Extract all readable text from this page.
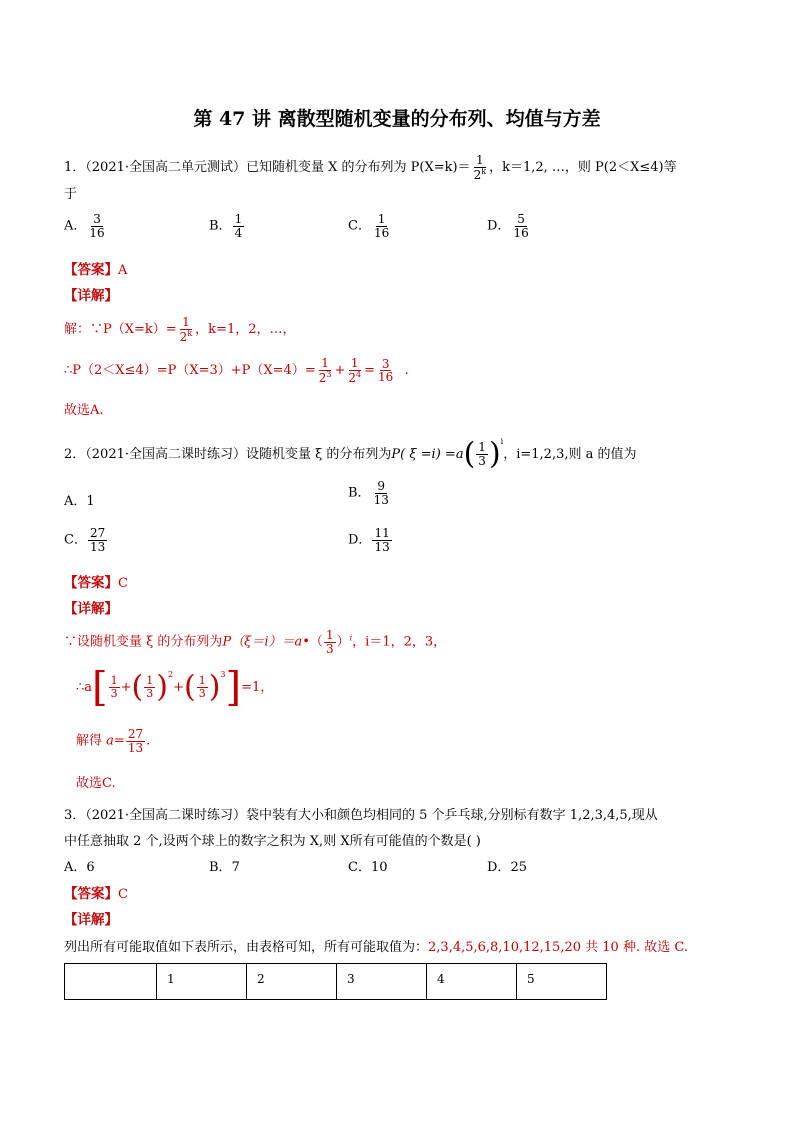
第 47 讲 离散型随机变量的分布列、均值与方差
1．（2021·全国高二单元测试）已知随机变量 X 的分布列为 $P(X=k)= \frac{1}{2^k}$ ，k＝1,2, …，则 P(2＜X≤4)等
于
A． $\frac{3}{16}$	B． $\frac{1}{4}$	C． $\frac{1}{16}$	D． $\frac{5}{16}$
【答案】A
【详解】
解：∵P（X=k）= $\frac{1}{2^k}$ ，k=1，2，…，
∴P（2＜X≤4）=P（X=3）+P（X=4）= $\frac{1}{2^3} + \frac{1}{2^4} = \frac{3}{16}$ .
故选A.
2．（2021·全国高二课时练习）设随机变量 ξ 的分布列为P( $\xi =i) =a( \frac{1}{3} )^i$，i=1,2,3,则 a 的值为
A．1
B． $\frac{9}{13}$
C． $\frac{27}{13}$	D． $\frac{11}{13}$
【答案】C
【详解】
∵设随机变量 ξ 的分布列为P（ξ＝i）＝a•（ $\frac{1}{3} )^i$，i＝1，2，3，
∴a[ $\frac{1}{3}$ +( $\frac{1}{3} )^2+( \frac{1}{3} )^3]=1$，
解得 $a= \frac{27}{13}$ .
故选C.
3．（2021·全国高二课时练习）袋中装有大小和颜色均相同的 5 个乒乓球,分别标有数字 1,2,3,4,5,现从
中任意抽取 2 个,设两个球上的数字之积为 X,则 X所有可能值的个数是( )
A．6	B．7	C．10	D．25
【答案】C
【详解】
列出所有可能取值如下表所示，由表格可知，所有可能取值为：2,3,4,5,6,8,10,12,15,20 共 10 种. 故选 C.
	1	2	3	4	5
